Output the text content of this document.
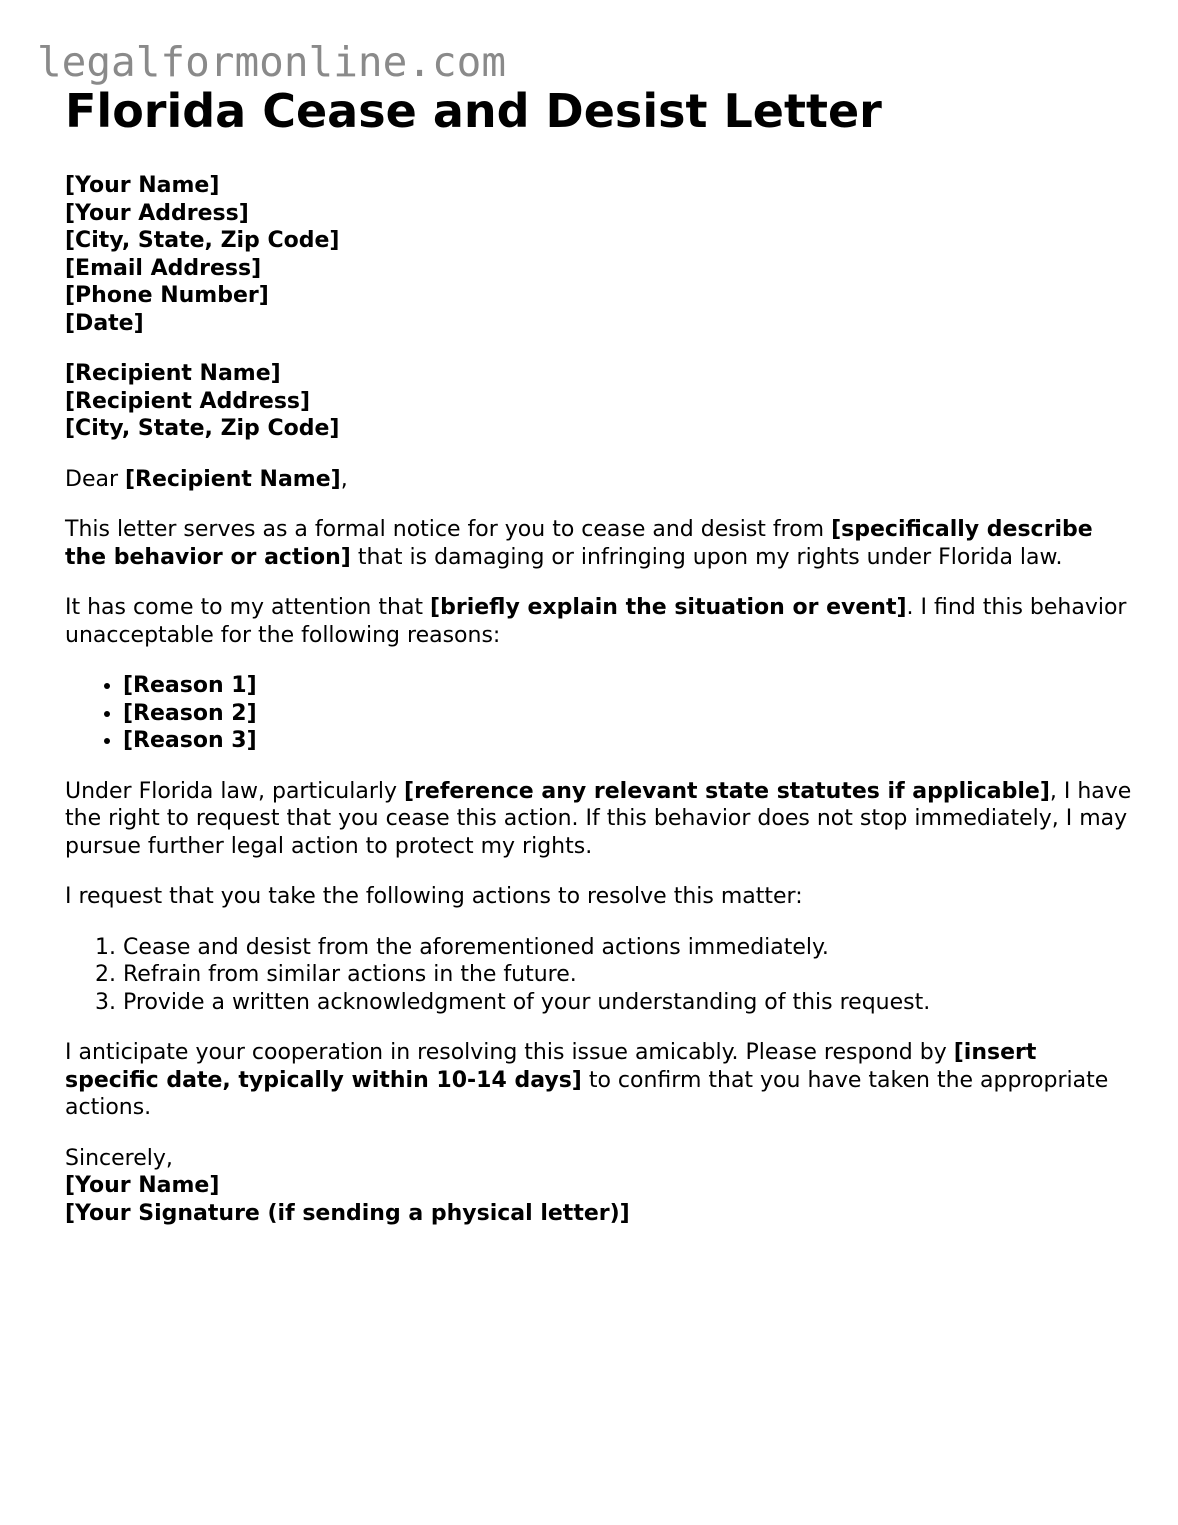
legalformonline.com
Florida Cease and Desist Letter
[Your Name]
[Your Address]
[City, State, Zip Code]
[Email Address]
[Phone Number]
[Date]
[Recipient Name]
[Recipient Address]
[City, State, Zip Code]

Dear [Recipient Name],

This letter serves as a formal notice for you to cease and desist from [specifically describe the behavior or action] that is damaging or infringing upon my rights under Florida law.

It has come to my attention that [briefly explain the situation or event]. I find this behavior unacceptable for the following reasons:

• [Reason 1]
• [Reason 2]
• [Reason 3]

Under Florida law, particularly [reference any relevant state statutes if applicable], I have the right to request that you cease this action. If this behavior does not stop immediately, I may pursue further legal action to protect my rights.

I request that you take the following actions to resolve this matter:

1. Cease and desist from the aforementioned actions immediately.
2. Refrain from similar actions in the future.
3. Provide a written acknowledgment of your understanding of this request.

I anticipate your cooperation in resolving this issue amicably. Please respond by [insert specific date, typically within 10-14 days] to confirm that you have taken the appropriate actions.

Sincerely,
[Your Name]
[Your Signature (if sending a physical letter)]
